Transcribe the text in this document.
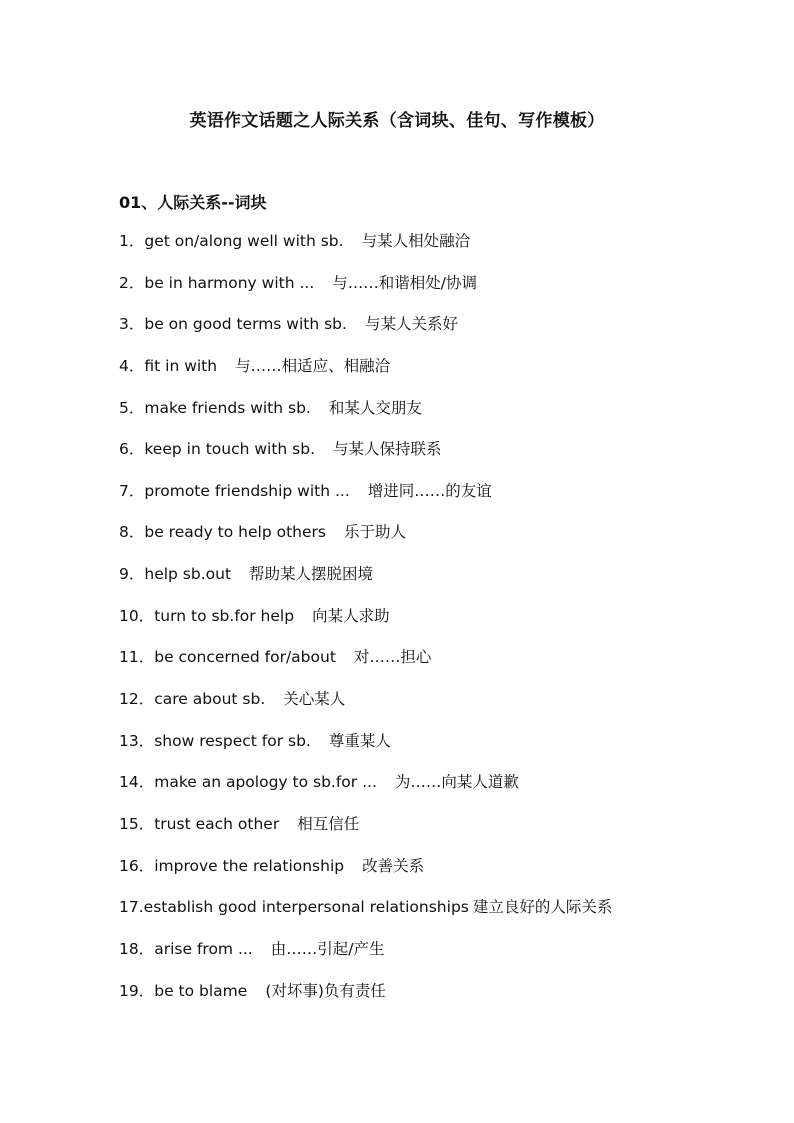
英语作文话题之人际关系（含词块、佳句、写作模板）
01、人际关系--词块
1．get on/along well with sb. 与某人相处融洽
2．be in harmony with ... 与……和谐相处/协调
3．be on good terms with sb. 与某人关系好
4．fit in with 与……相适应、相融洽
5．make friends with sb. 和某人交朋友
6．keep in touch with sb. 与某人保持联系
7．promote friendship with ... 增进同……的友谊
8．be ready to help others 乐于助人
9．help sb.out 帮助某人摆脱困境
10．turn to sb.for help 向某人求助
11．be concerned for/about 对……担心
12．care about sb. 关心某人
13．show respect for sb. 尊重某人
14．make an apology to sb.for ... 为……向某人道歉
15．trust each other 相互信任
16．improve the relationship 改善关系
17.establish good interpersonal relationships 建立良好的人际关系
18．arise from ... 由……引起/产生
19．be to blame (对坏事)负有责任
